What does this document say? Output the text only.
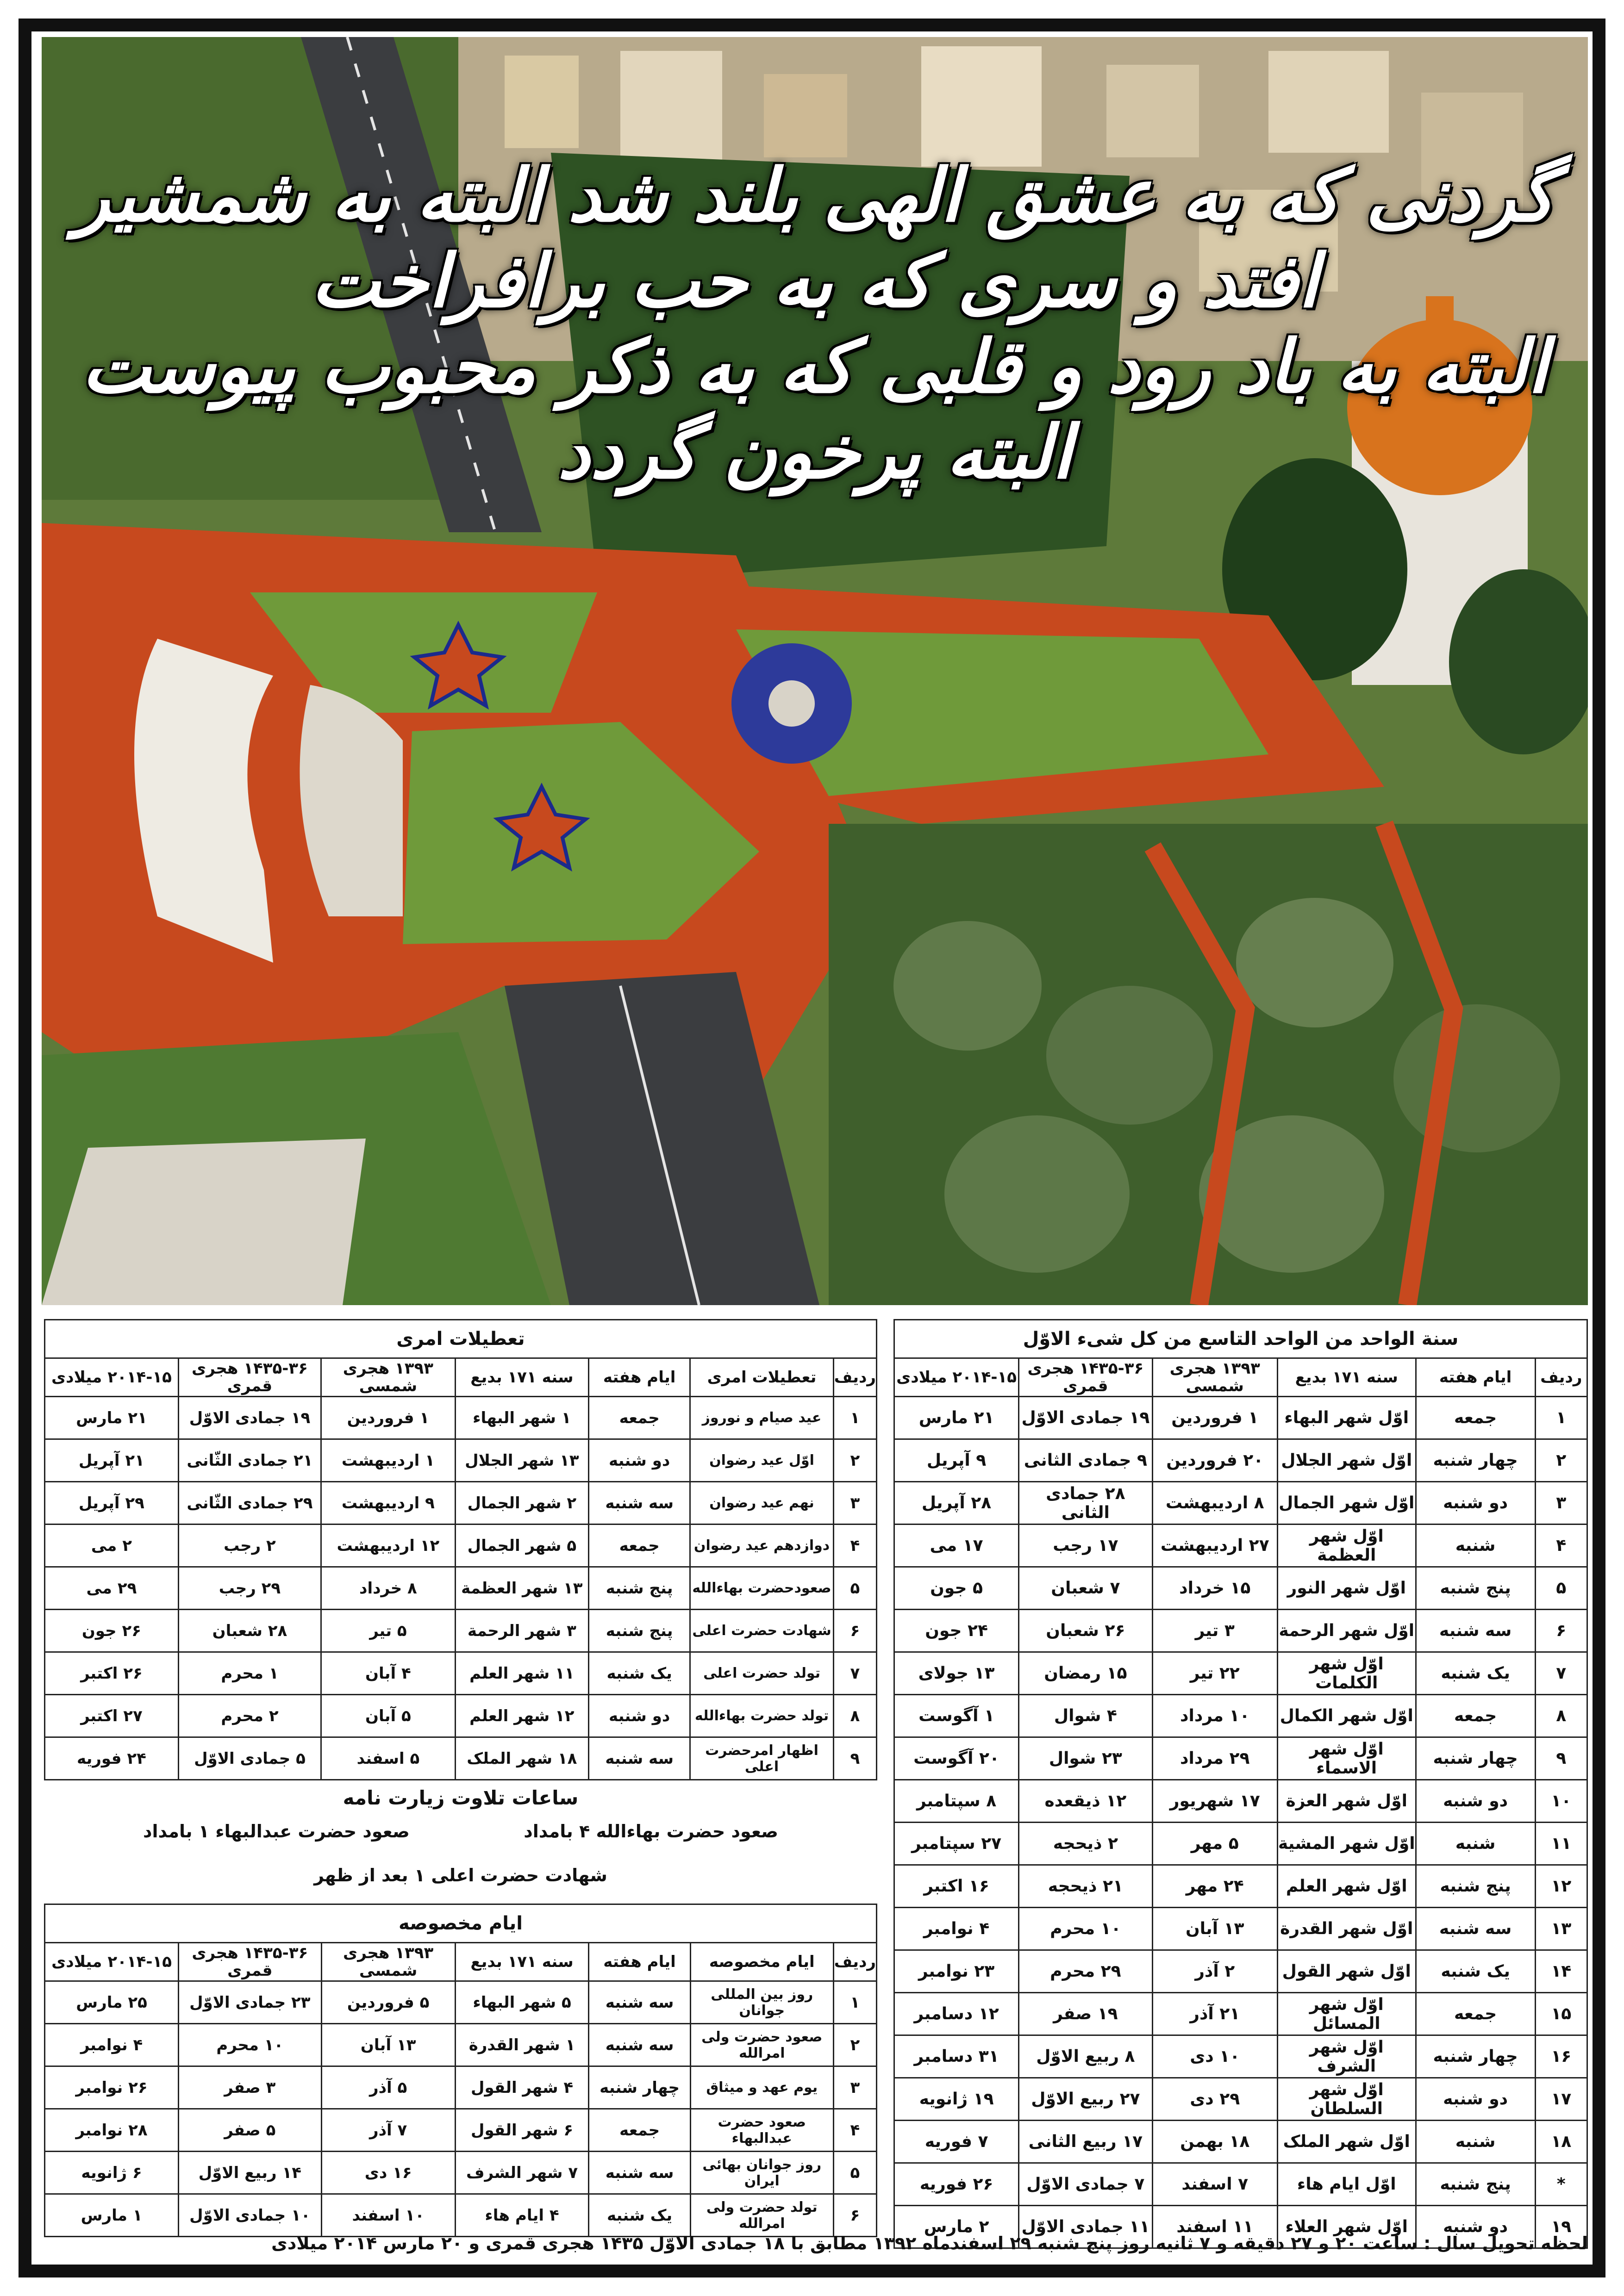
گردنی که به عشق الهی بلند شد البته به شمشیر افتد و سری که به حب برافراخت
البته به باد رود و قلبی که به ذکر محبوب پیوست البته پرخون گردد
سنة الواحد من الواحد التاسع من کل شیء الاوّل					
ردیف	ایام هفته	سنه ۱۷۱ بدیع	۱۳۹۳ هجری شمسی	۱۴۳۵-۳۶ هجری قمری	۲۰۱۴-۱۵ میلادی
۱	جمعه	اوّل شهر البهاء	۱ فروردین	۱۹ جمادی الاوّل	۲۱ مارس
۲	چهار شنبه	اوّل شهر الجلال	۲۰ فروردین	۹ جمادی الثانی	۹ آپریل
۳	دو شنبه	اوّل شهر الجمال	۸ اردیبهشت	۲۸ جمادی الثانی	۲۸ آپریل
۴	شنبه	اوّل شهر العظمة	۲۷ اردیبهشت	۱۷ رجب	۱۷ می
۵	پنج شنبه	اوّل شهر النور	۱۵ خرداد	۷ شعبان	۵ جون
۶	سه شنبه	اوّل شهر الرحمة	۳ تیر	۲۶ شعبان	۲۴ جون
۷	یک شنبه	اوّل شهر الکلمات	۲۲ تیر	۱۵ رمضان	۱۳ جولای
۸	جمعه	اوّل شهر الکمال	۱۰ مرداد	۴ شوال	۱ آگوست
۹	چهار شنبه	اوّل شهر الاسماء	۲۹ مرداد	۲۳ شوال	۲۰ آگوست
۱۰	دو شنبه	اوّل شهر العزة	۱۷ شهریور	۱۲ ذیقعده	۸ سپتامبر
۱۱	شنبه	اوّل شهر المشیة	۵ مهر	۲ ذیحجه	۲۷ سپتامبر
۱۲	پنج شنبه	اوّل شهر العلم	۲۴ مهر	۲۱ ذیحجه	۱۶ اکتبر
۱۳	سه شنبه	اوّل شهر القدرة	۱۳ آبان	۱۰ محرم	۴ نوامبر
۱۴	یک شنبه	اوّل شهر القول	۲ آذر	۲۹ محرم	۲۳ نوامبر
۱۵	جمعه	اوّل شهر المسائل	۲۱ آذر	۱۹ صفر	۱۲ دسامبر
۱۶	چهار شنبه	اوّل شهر الشرف	۱۰ دی	۸ ربیع الاوّل	۳۱ دسامبر
۱۷	دو شنبه	اوّل شهر السلطان	۲۹ دی	۲۷ ربیع الاوّل	۱۹ ژانویه
۱۸	شنبه	اوّل شهر الملک	۱۸ بهمن	۱۷ ربیع الثانی	۷ فوریه
*	پنج شنبه	اوّل ایام هاء	۷ اسفند	۷ جمادی الاوّل	۲۶ فوریه
۱۹	دو شنبه	اوّل شهر العلاء	۱۱ اسفند	۱۱ جمادی الاوّل	۲ مارس
تعطیلات امری						
ردیف	تعطیلات امری	ایام هفته	سنه ۱۷۱ بدیع	۱۳۹۳ هجری شمسی	۱۴۳۵-۳۶ هجری قمری	۲۰۱۴-۱۵ میلادی
۱	عید صیام و نوروز	جمعه	۱ شهر البهاء	۱ فروردین	۱۹ جمادی الاوّل	۲۱ مارس
۲	اوّل عید رضوان	دو شنبه	۱۳ شهر الجلال	۱ اردیبهشت	۲۱ جمادی الثّانی	۲۱ آپریل
۳	نهم عید رضوان	سه شنبه	۲ شهر الجمال	۹ اردیبهشت	۲۹ جمادی الثّانی	۲۹ آپریل
۴	دوازدهم عید رضوان	جمعه	۵ شهر الجمال	۱۲ اردیبهشت	۲ رجب	۲ می
۵	صعودحضرت بهاءالله	پنج شنبه	۱۳ شهر العظمة	۸ خرداد	۲۹ رجب	۲۹ می
۶	شهادت حضرت اعلی	پنج شنبه	۳ شهر الرحمة	۵ تیر	۲۸ شعبان	۲۶ جون
۷	تولد حضرت اعلی	یک شنبه	۱۱ شهر العلم	۴ آبان	۱ محرم	۲۶ اکتبر
۸	تولد حضرت بهاءالله	دو شنبه	۱۲ شهر العلم	۵ آبان	۲ محرم	۲۷ اکتبر
۹	اظهار امرحضرت اعلی	سه شنبه	۱۸ شهر الملک	۵ اسفند	۵ جمادی الاوّل	۲۴ فوریه
ساعات تلاوت زیارت نامه
صعود حضرت بهاءالله ۴ بامداد  صعود حضرت عبدالبهاء ۱ بامداد
شهادت حضرت اعلی ۱ بعد از ظهر
ایام مخصوصه						
ردیف	ایام مخصوصه	ایام هفته	سنه ۱۷۱ بدیع	۱۳۹۳ هجری شمسی	۱۴۳۵-۳۶ هجری قمری	۲۰۱۴-۱۵ میلادی
۱	روز بین المللی جوانان	سه شنبه	۵ شهر البهاء	۵ فروردین	۲۳ جمادی الاوّل	۲۵ مارس
۲	صعود حضرت ولی امرالله	سه شنبه	۱ شهر القدرة	۱۳ آبان	۱۰ محرم	۴ نوامبر
۳	یوم عهد و میثاق	چهار شنبه	۴ شهر القول	۵ آذر	۳ صفر	۲۶ نوامبر
۴	صعود حضرت عبدالبهاء	جمعه	۶ شهر القول	۷ آذر	۵ صفر	۲۸ نوامبر
۵	روز جوانان بهائی ایران	سه شنبه	۷ شهر الشرف	۱۶ دی	۱۴ ربیع الاوّل	۶ ژانویه
۶	تولد حضرت ولی امرالله	یک شنبه	۴ ایام هاء	۱۰ اسفند	۱۰ جمادی الاوّل	۱ مارس
لحظه تحویل سال : ساعت ۲۰ و ۲۷ دقیقه و ۷ ثانیه روز پنج شنبه ۲۹ اسفندماه ۱۳۹۲ مطابق با ۱۸ جمادی الاوّل ۱۴۳۵ هجری قمری و ۲۰ مارس ۲۰۱۴ میلادی
